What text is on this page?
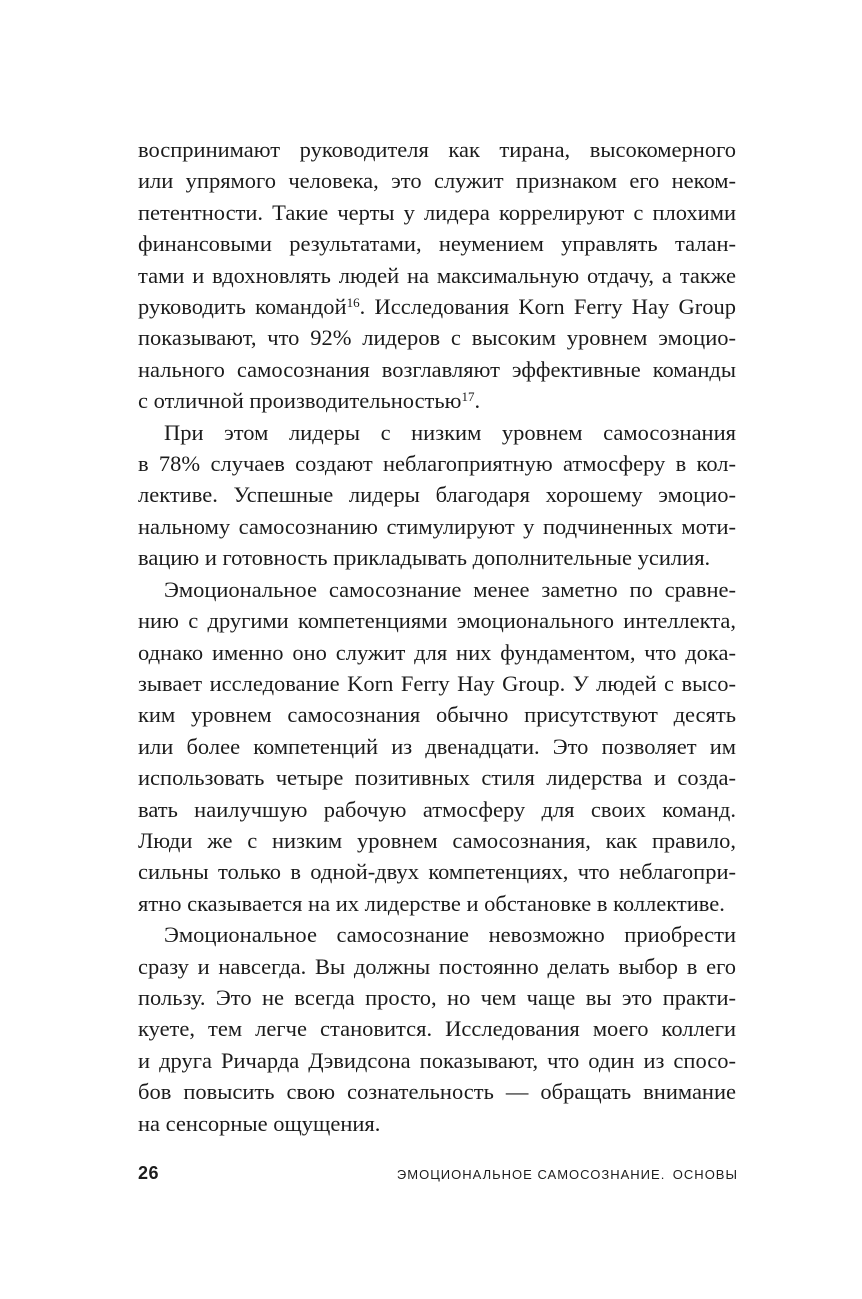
воспринимают руководителя как тирана, высокомерного
или упрямого человека, это служит признаком его неком-
петентности. Такие черты у лидера коррелируют с плохими
финансовыми результатами, неумением управлять талан-
тами и вдохновлять людей на максимальную отдачу, а также
руководить командой$^{16}$. Исследования Korn Ferry Hay Group
показывают, что 92% лидеров с высоким уровнем эмоцио-
нального самосознания возглавляют эффективные команды
с отличной производительностью$^{17}$.
При этом лидеры с низким уровнем самосознания
в 78% случаев создают неблагоприятную атмосферу в кол-
лективе. Успешные лидеры благодаря хорошему эмоцио-
нальному самосознанию стимулируют у подчиненных моти-
вацию и готовность прикладывать дополнительные усилия.
Эмоциональное самосознание менее заметно по сравне-
нию с другими компетенциями эмоционального интеллекта,
однако именно оно служит для них фундаментом, что дока-
зывает исследование Korn Ferry Hay Group. У людей с высо-
ким уровнем самосознания обычно присутствуют десять
или более компетенций из двенадцати. Это позволяет им
использовать четыре позитивных стиля лидерства и созда-
вать наилучшую рабочую атмосферу для своих команд.
Люди же с низким уровнем самосознания, как правило,
сильны только в одной-двух компетенциях, что неблагопри-
ятно сказывается на их лидерстве и обстановке в коллективе.
Эмоциональное самосознание невозможно приобрести
сразу и навсегда. Вы должны постоянно делать выбор в его
пользу. Это не всегда просто, но чем чаще вы это практи-
куете, тем легче становится. Исследования моего коллеги
и друга Ричарда Дэвидсона показывают, что один из спосо-
бов повысить свою сознательность — обращать внимание
на сенсорные ощущения.
26	ЭМОЦИОНАЛЬНОЕ САМОСОЗНАНИЕ. ОСНОВЫ
